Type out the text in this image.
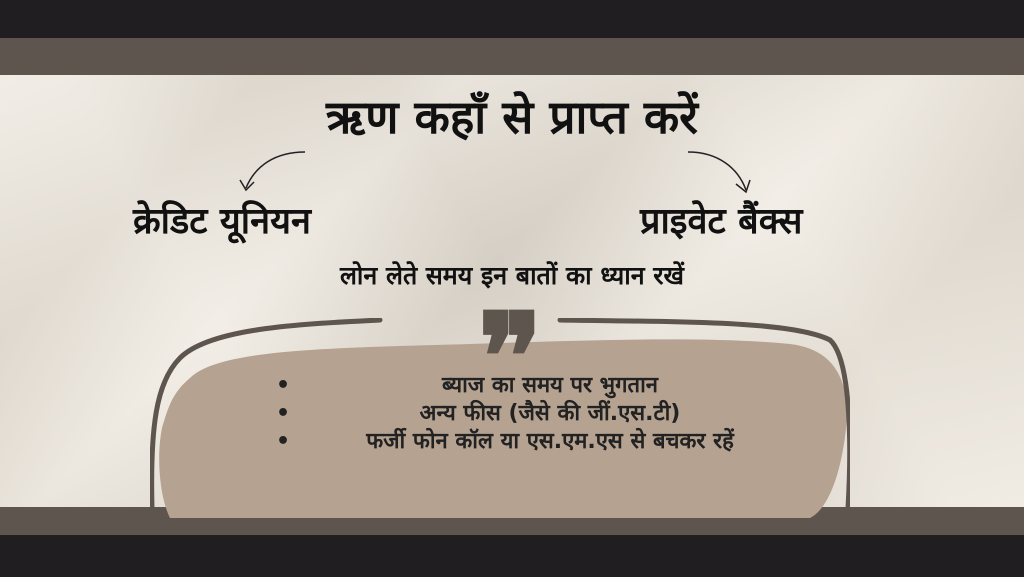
ऋण कहाँ से प्राप्त करें
क्रेडिट यूनियन	प्राइवेट बैंक्स
लोन लेते समय इन बातों का ध्यान रखें
❞
•	ब्याज का समय पर भुगतान
•	अन्य फीस (जैसे की जीं.एस.टी)
•	फर्जी फोन कॉल या एस.एम.एस से बचकर रहें
